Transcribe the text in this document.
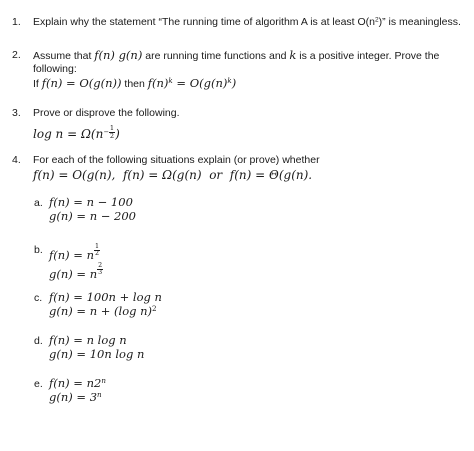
1. Explain why the statement “The running time of algorithm A is at least $O(n^2)$” is meaningless.
2. Assume that f(n) g(n) are running time functions and k is a positive integer. Prove the
following:
If f(n) = O(g(n)) then $f(n)^k = O(g(n)^k)$
3. Prove or disprove the following.
$\log n = \Omega(n- \frac{1}{2}$ )
4. For each of the following situations explain (or prove) whether
f(n) = O(g(n),  f(n) = Ω(g(n)  or  f(n) = Θ(g(n).
a. f(n) = n − 100
g(n) = n − 200
b. f(n) = n $\frac{1}{2}$
g(n) = n $\frac{2}{3}$
c. f(n) = 100n + log n
g(n) = n + (log n)$^2$
d. f(n) = n log n
g(n) = 10n log n
e. $f(n) = n2^n$
$g(n) = 3^n$
